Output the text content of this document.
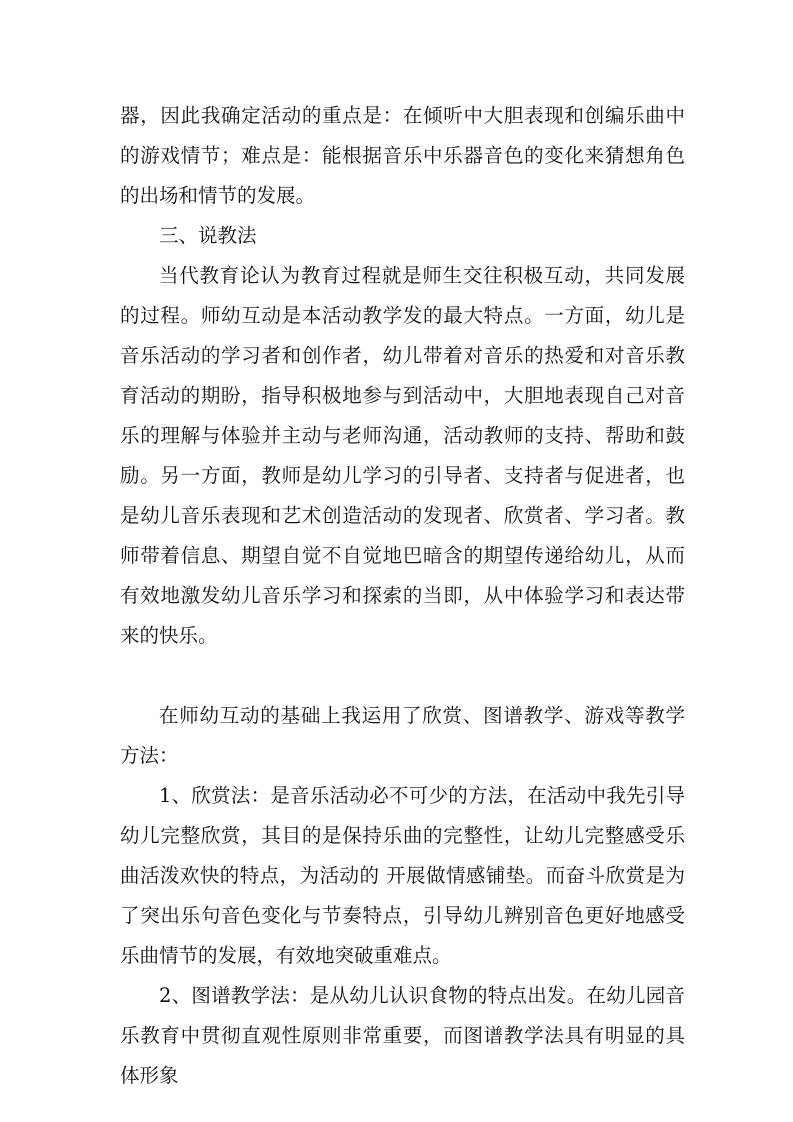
器，因此我确定活动的重点是：在倾听中大胆表现和创编乐曲中的游戏情节；难点是：能根据音乐中乐器音色的变化来猜想角色的出场和情节的发展。

三、说教法

当代教育论认为教育过程就是师生交往积极互动，共同发展的过程。师幼互动是本活动教学发的最大特点。一方面，幼儿是音乐活动的学习者和创作者，幼儿带着对音乐的热爱和对音乐教育活动的期盼，指导积极地参与到活动中，大胆地表现自己对音乐的理解与体验并主动与老师沟通，活动教师的支持、帮助和鼓励。另一方面，教师是幼儿学习的引导者、支持者与促进者，也是幼儿音乐表现和艺术创造活动的发现者、欣赏者、学习者。教师带着信息、期望自觉不自觉地巴暗含的期望传递给幼儿，从而有效地激发幼儿音乐学习和探索的当即，从中体验学习和表达带来的快乐。

在师幼互动的基础上我运用了欣赏、图谱教学、游戏等教学方法：

1、欣赏法：是音乐活动必不可少的方法，在活动中我先引导幼儿完整欣赏，其目的是保持乐曲的完整性，让幼儿完整感受乐曲活泼欢快的特点，为活动的 开展做情感铺垫。而奋斗欣赏是为了突出乐句音色变化与节奏特点，引导幼儿辨别音色更好地感受乐曲情节的发展，有效地突破重难点。

2、图谱教学法：是从幼儿认识食物的特点出发。在幼儿园音乐教育中贯彻直观性原则非常重要，而图谱教学法具有明显的具体形象
